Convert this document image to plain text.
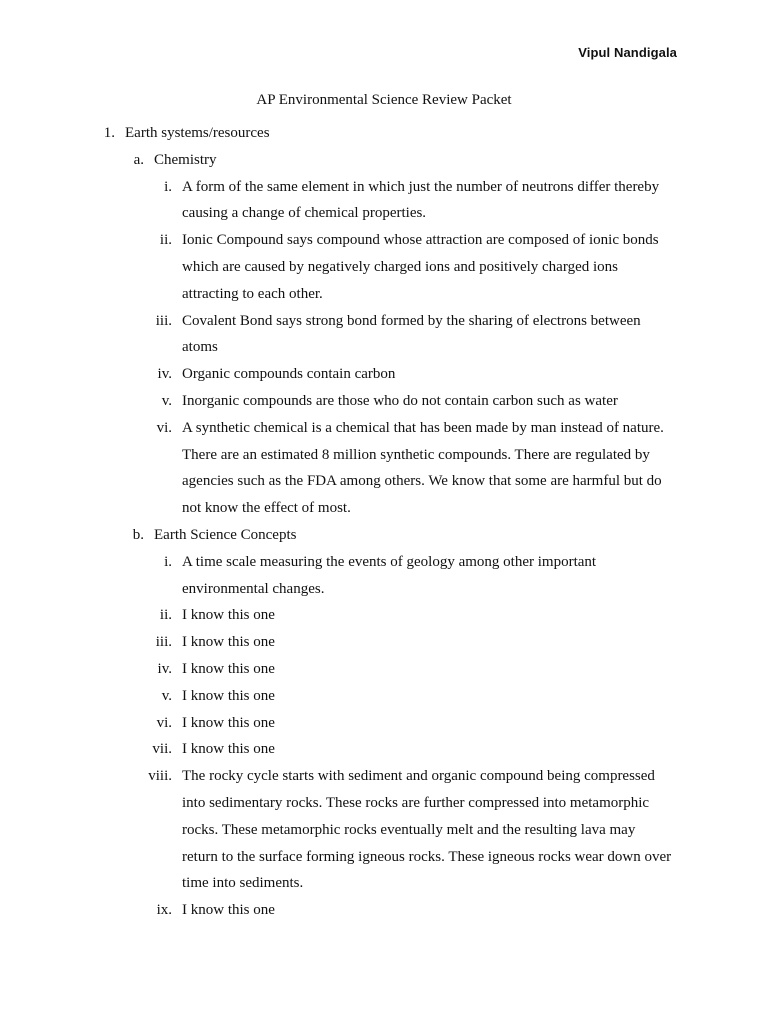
Vipul Nandigala
AP Environmental Science Review Packet
1. Earth systems/resources
a. Chemistry
i. A form of the same element in which just the number of neutrons differ thereby causing a change of chemical properties.
ii. Ionic Compound says compound whose attraction are composed of ionic bonds which are caused by negatively charged ions and positively charged ions attracting to each other.
iii. Covalent Bond says strong bond formed by the sharing of electrons between atoms
iv. Organic compounds contain carbon
v. Inorganic compounds are those who do not contain carbon such as water
vi. A synthetic chemical is a chemical that has been made by man instead of nature. There are an estimated 8 million synthetic compounds. There are regulated by agencies such as the FDA among others. We know that some are harmful but do not know the effect of most.
b. Earth Science Concepts
i. A time scale measuring the events of geology among other important environmental changes.
ii. I know this one
iii. I know this one
iv. I know this one
v. I know this one
vi. I know this one
vii. I know this one
viii. The rocky cycle starts with sediment and organic compound being compressed into sedimentary rocks. These rocks are further compressed into metamorphic rocks. These metamorphic rocks eventually melt and the resulting lava may return to the surface forming igneous rocks. These igneous rocks wear down over time into sediments.
ix. I know this one
